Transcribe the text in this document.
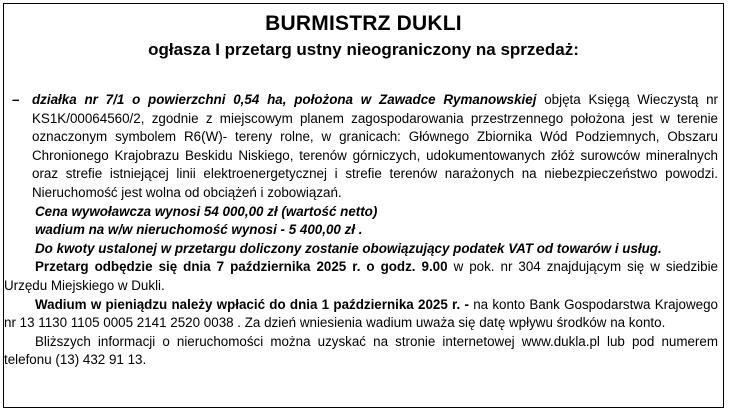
BURMISTRZ DUKLI
ogłasza I przetarg ustny nieograniczony na sprzedaż:
– działka nr 7/1 o powierzchni 0,54 ha, położona w Zawadce Rymanowskiej objęta Księgą Wieczystą nr KS1K/00064560/2, zgodnie z miejscowym planem zagospodarowania przestrzennego położona jest w terenie oznaczonym symbolem R6(W)- tereny rolne, w granicach: Głównego Zbiornika Wód Podziemnych, Obszaru Chronionego Krajobrazu Beskidu Niskiego, terenów górniczych, udokumentowanych złóż surowców mineralnych oraz strefie istniejącej linii elektroenergetycznej i strefie terenów narażonych na niebezpieczeństwo powodzi. Nieruchomość jest wolna od obciążeń i zobowiązań.

Cena wywoławcza wynosi 54 000,00 zł (wartość netto)

wadium na w/w nieruchomość wynosi - 5 400,00 zł .

Do kwoty ustalonej w przetargu doliczony zostanie obowiązujący podatek VAT od towarów i usług.

Przetarg odbędzie się dnia 7 października 2025 r. o godz. 9.00 w pok. nr 304 znajdującym się w siedzibie Urzędu Miejskiego w Dukli.

Wadium w pieniądzu należy wpłacić do dnia 1 października 2025 r. - na konto Bank Gospodarstwa Krajowego nr 13 1130 1105 0005 2141 2520 0038 . Za dzień wniesienia wadium uważa się datę wpływu środków na konto.

Bliższych informacji o nieruchomości można uzyskać na stronie internetowej www.dukla.pl lub pod numerem telefonu (13) 432 91 13.
